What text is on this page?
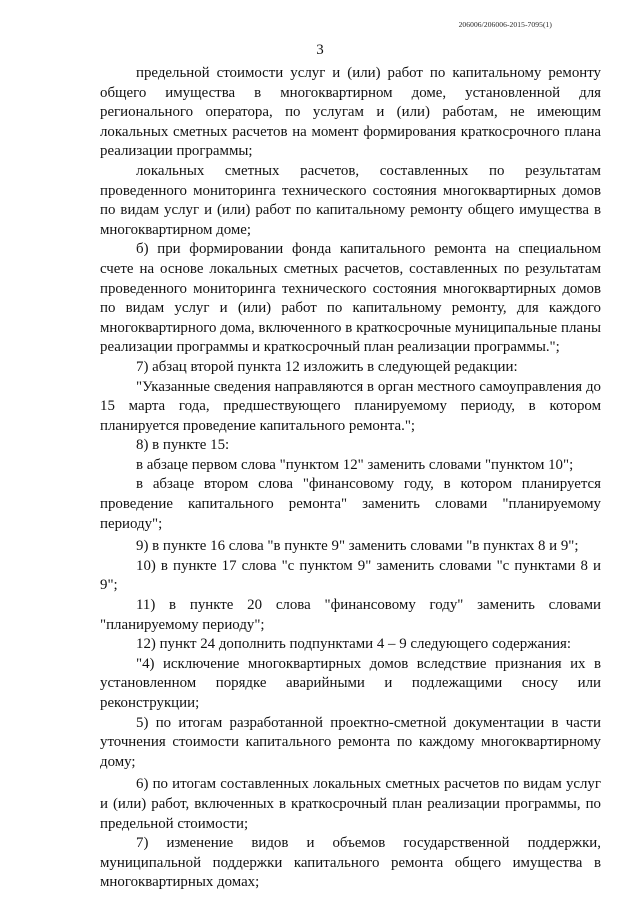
206006/206006-2015-7095(1)
3

предельной стоимости услуг и (или) работ по капитальному ремонту общего имущества в многоквартирном доме, установленной для регионального оператора, по услугам и (или) работам, не имеющим локальных сметных расчетов на момент формирования краткосрочного плана реализации программы;

локальных сметных расчетов, составленных по результатам проведенного мониторинга технического состояния многоквартирных домов по видам услуг и (или) работ по капитальному ремонту общего имущества в многоквартирном доме;

б) при формировании фонда капитального ремонта на специальном счете на основе локальных сметных расчетов, составленных по результатам проведенного мониторинга технического состояния многоквартирных домов по видам услуг и (или) работ по капитальному ремонту, для каждого многоквартирного дома, включенного в краткосрочные муниципальные планы реализации программы и краткосрочный план реализации программы.";

7) абзац второй пункта 12 изложить в следующей редакции:

"Указанные сведения направляются в орган местного самоуправления до 15 марта года, предшествующего планируемому периоду, в котором планируется проведение капитального ремонта.";

8) в пункте 15:

в абзаце первом слова "пунктом 12" заменить словами "пунктом 10";

в абзаце втором слова "финансовому году, в котором планируется проведение капитального ремонта" заменить словами "планируемому периоду";

9) в пункте 16 слова "в пункте 9" заменить словами "в пунктах 8 и 9";

10) в пункте 17 слова "с пунктом 9" заменить словами "с пунктами 8 и 9";

11) в пункте 20 слова "финансовому году" заменить словами "планируемому периоду";

12) пункт 24 дополнить подпунктами 4 – 9 следующего содержания:

"4) исключение многоквартирных домов вследствие признания их в установленном порядке аварийными и подлежащими сносу или реконструкции;

5) по итогам разработанной проектно-сметной документации в части уточнения стоимости капитального ремонта по каждому многоквартирному дому;

6) по итогам составленных локальных сметных расчетов по видам услуг и (или) работ, включенных в краткосрочный план реализации программы, по предельной стоимости;

7) изменение видов и объемов государственной поддержки, муниципальной поддержки капитального ремонта общего имущества в многоквартирных домах;
